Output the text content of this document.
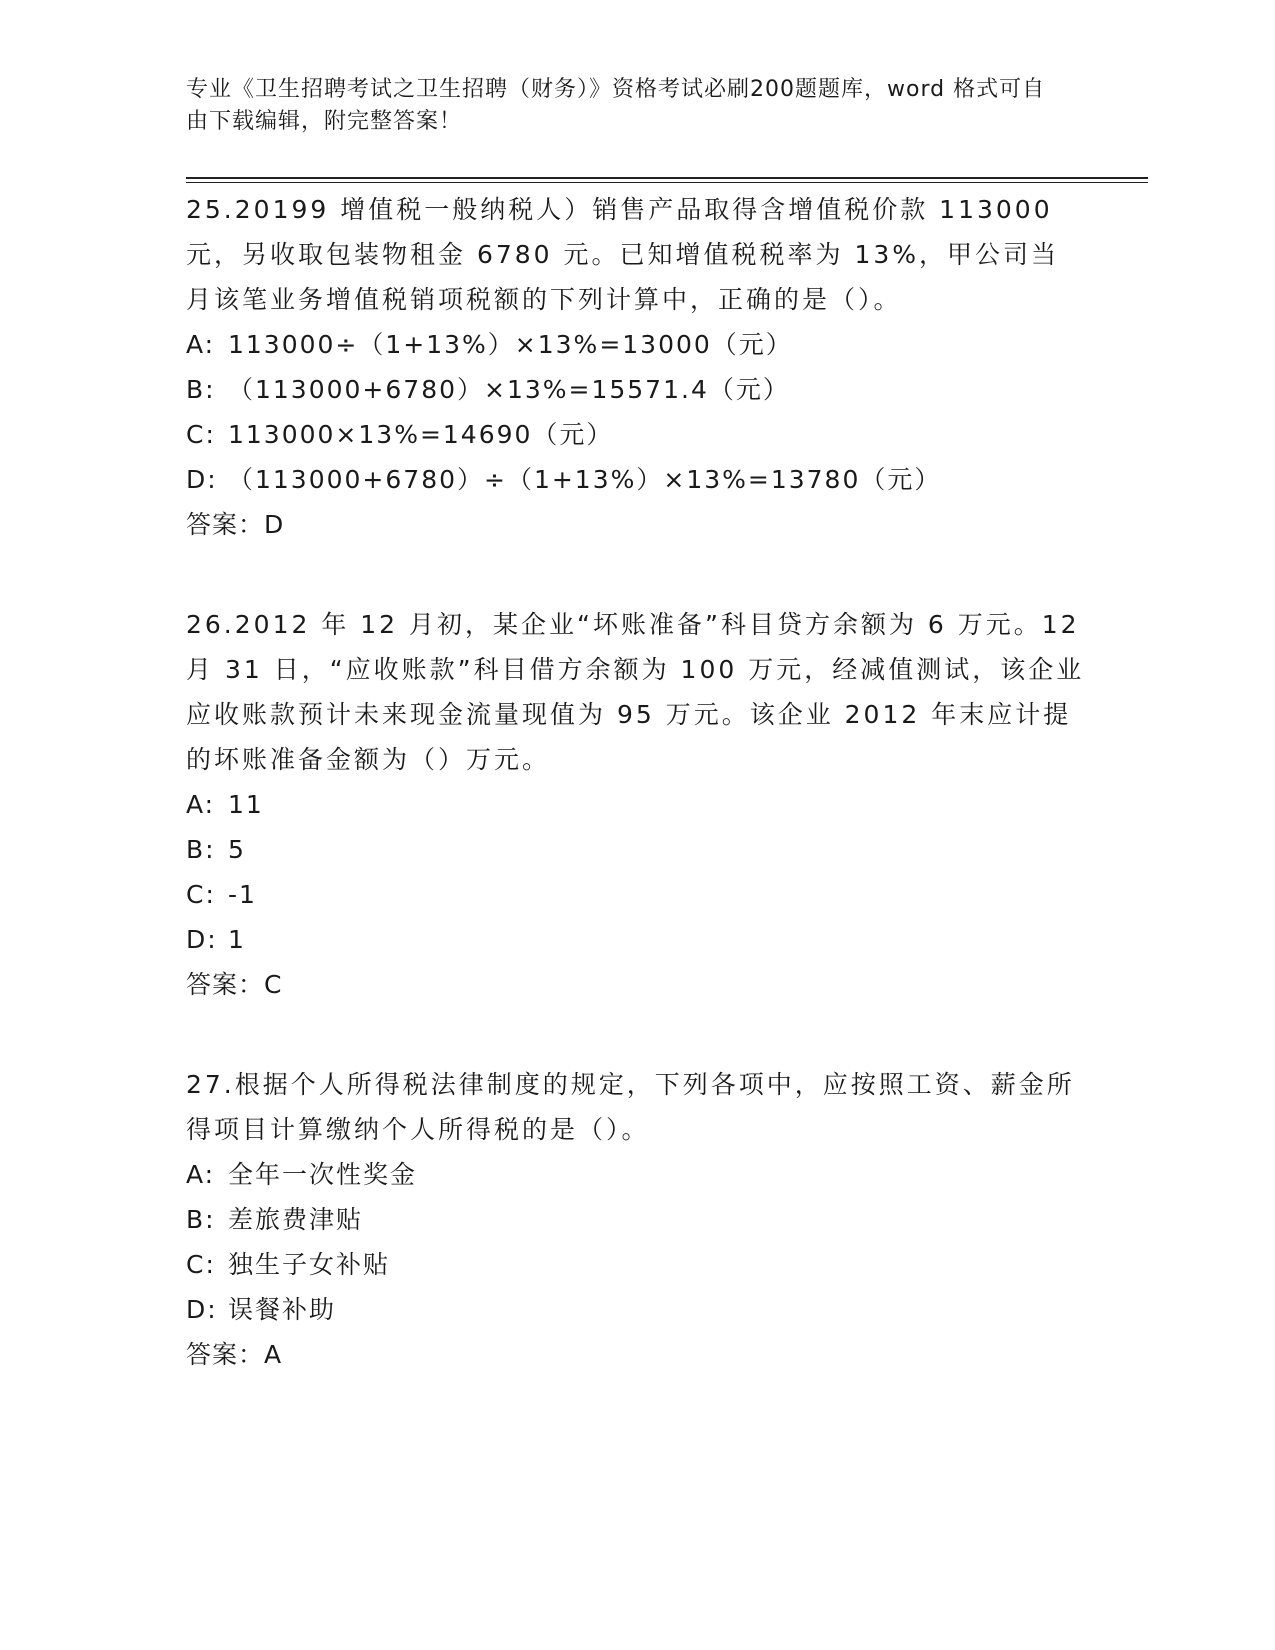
专业《卫生招聘考试之卫生招聘（财务）》资格考试必刷200题题库，word 格式可自由下载编辑，附完整答案！

25.20199 增值税一般纳税人）销售产品取得含增值税价款 113000 元，另收取包装物租金 6780 元。已知增值税税率为 13%，甲公司当月该笔业务增值税销项税额的下列计算中，正确的是（）。

A: 113000÷（1+13%）×13%=13000（元）
B: （113000+6780）×13%=15571.4（元）
C: 113000×13%=14690（元）
D: （113000+6780）÷（1+13%）×13%=13780（元）

答案：D

26.2012 年 12 月初，某企业“坏账准备”科目贷方余额为 6 万元。12 月 31 日，“应收账款”科目借方余额为 100 万元，经减值测试，该企业应收账款预计未来现金流量现值为 95 万元。该企业 2012 年末应计提的坏账准备金额为（）万元。

A: 11
B: 5
C: -1
D: 1

答案：C

27.根据个人所得税法律制度的规定，下列各项中，应按照工资、薪金所得项目计算缴纳个人所得税的是（）。

A: 全年一次性奖金
B: 差旅费津贴
C: 独生子女补贴
D: 误餐补助

答案：A
